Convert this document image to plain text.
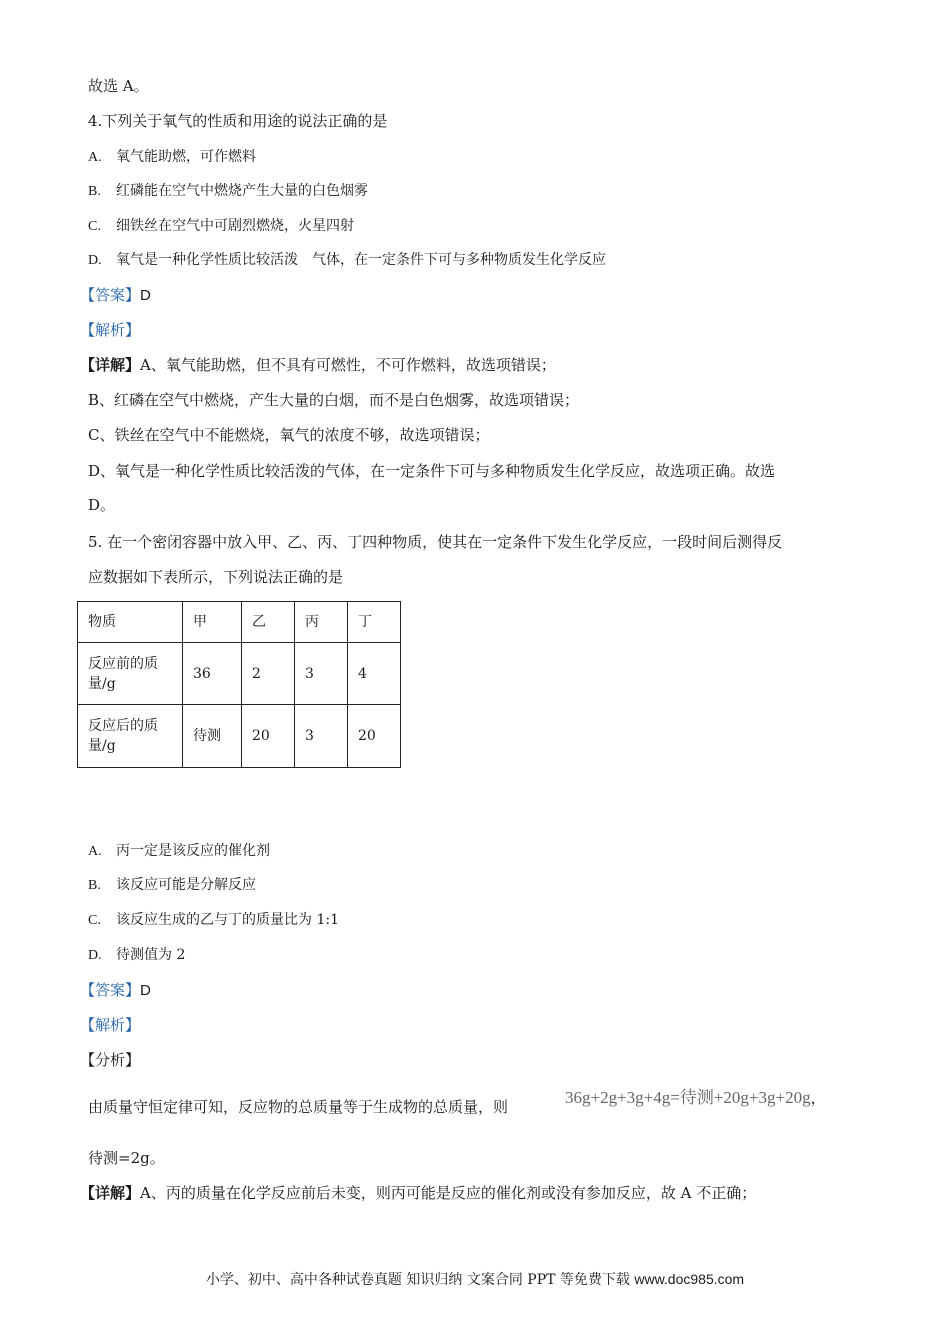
故选 A。
4.下列关于氧气的性质和用途的说法正确的是
A. 氧气能助燃，可作燃料
B. 红磷能在空气中燃烧产生大量的白色烟雾
C. 细铁丝在空气中可剧烈燃烧，火星四射
D. 氧气是一种化学性质比较活泼　气体，在一定条件下可与多种物质发生化学反应
【答案】D
【解析】
【详解】A、氧气能助燃，但不具有可燃性，不可作燃料，故选项错误；
B、红磷在空气中燃烧，产生大量的白烟，而不是白色烟雾，故选项错误；
C、铁丝在空气中不能燃烧，氧气的浓度不够，故选项错误；
D、氧气是一种化学性质比较活泼的气体，在一定条件下可与多种物质发生化学反应，故选项正确。故选
D。
5. 在一个密闭容器中放入甲、乙、丙、丁四种物质，使其在一定条件下发生化学反应，一段时间后测得反
应数据如下表所示，下列说法正确的是
物质	甲	乙	丙	丁

反应前的质
量/g	36	2	3	4

反应后的质
量/g	待测	20	3	20
A. 丙一定是该反应的催化剂
B. 该反应可能是分解反应
C. 该反应生成的乙与丁的质量比为 1:1
D. 待测值为 2
【答案】D
【解析】
【分析】
由质量守恒定律可知，反应物的总质量等于生成物的总质量，则	36g+2g+3g+4g=待测+20g+3g+20g，
待测=2g。
【详解】A、丙的质量在化学反应前后未变，则丙可能是反应的催化剂或没有参加反应，故 A 不正确；
小学、初中、高中各种试卷真题 知识归纳 文案合同 PPT 等免费下载 www.doc985.com
